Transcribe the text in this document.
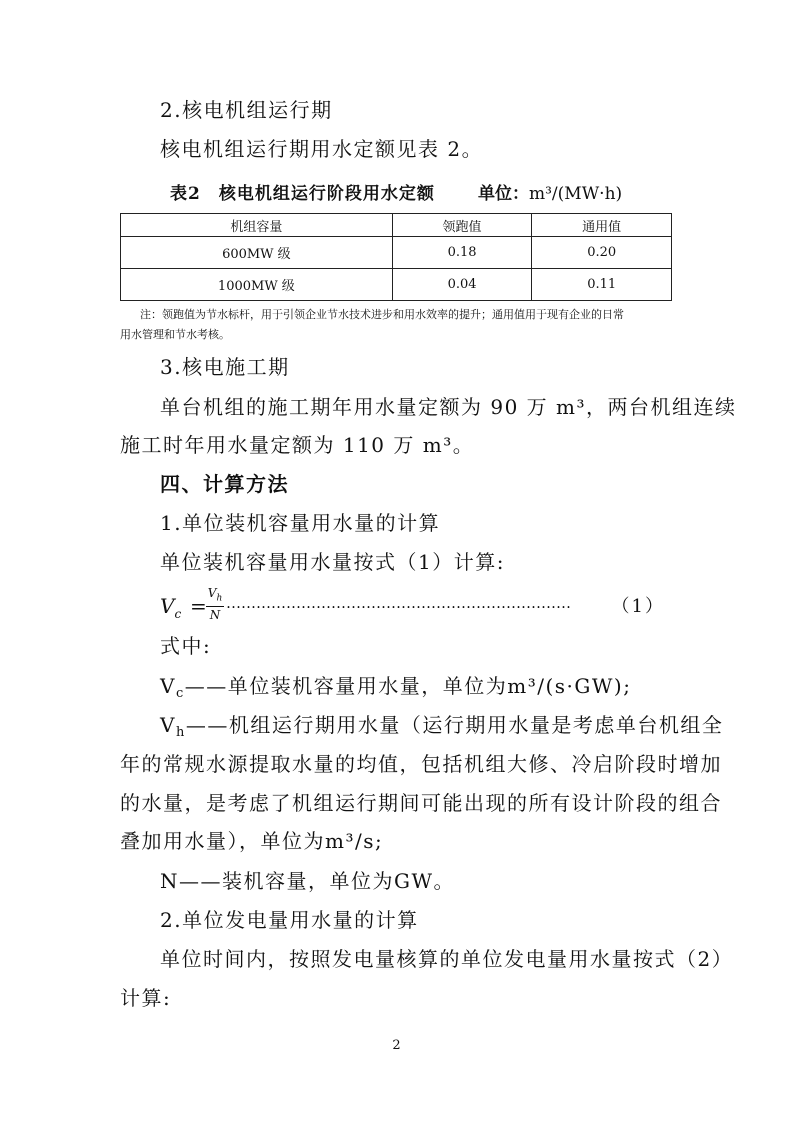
2.核电机组运行期
核电机组运行期用水定额见表 2。
表2　核电机组运行阶段用水定额	单位：m³/(MW·h)
机组容量	领跑值	通用值
600MW 级	0.18	0.20
1000MW 级	0.04	0.11
注：领跑值为节水标杆，用于引领企业节水技术进步和用水效率的提升；通用值用于现有企业的日常
用水管理和节水考核。
3.核电施工期
单台机组的施工期年用水量定额为 90 万 m³，两台机组连续
施工时年用水量定额为 110 万 m³。
四、计算方法
1.单位装机容量用水量的计算
单位装机容量用水量按式（1）计算:
$V_c = \frac{V_h}{N}$ ……………………………………………………………	（1）
式中:
$V_c——$单位装机容量用水量，单位为m³/(s·GW);
$V_h——$机组运行期用水量（运行期用水量是考虑单台机组全
年的常规水源提取水量的均值，包括机组大修、冷启阶段时增加
的水量，是考虑了机组运行期间可能出现的所有设计阶段的组合
叠加用水量），单位为m³/s;
N——装机容量，单位为GW。
2.单位发电量用水量的计算
单位时间内，按照发电量核算的单位发电量用水量按式（2）
计算:
2
